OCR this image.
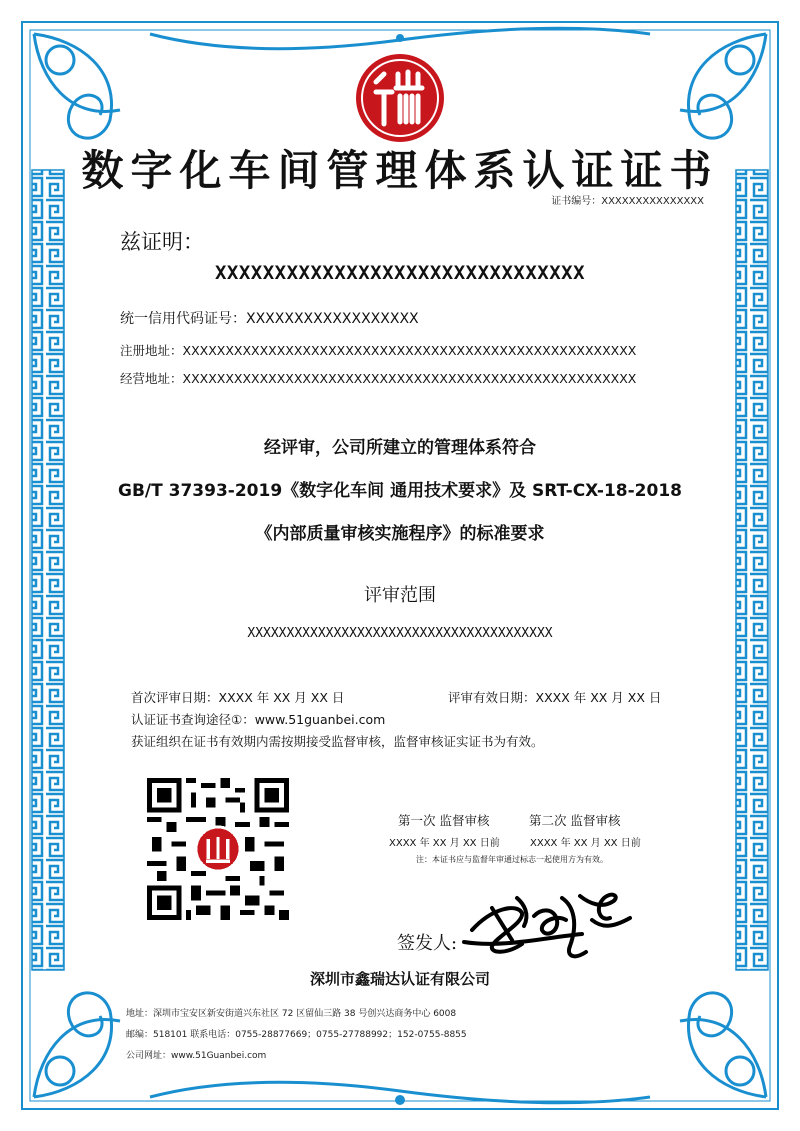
数字化车间管理体系认证证书
证书编号：XXXXXXXXXXXXXXX
兹证明：
XXXXXXXXXXXXXXXXXXXXXXXXXXXXXXX
统一信用代码证号：XXXXXXXXXXXXXXXXXX
注册地址：XXXXXXXXXXXXXXXXXXXXXXXXXXXXXXXXXXXXXXXXXXXXXXXXXXXXX
经营地址：XXXXXXXXXXXXXXXXXXXXXXXXXXXXXXXXXXXXXXXXXXXXXXXXXXXXX
经评审，公司所建立的管理体系符合
GB/T 37393-2019《数字化车间 通用技术要求》及 SRT-CX-18-2018
《内部质量审核实施程序》的标准要求
评审范围
XXXXXXXXXXXXXXXXXXXXXXXXXXXXXXXXXXXXXXX
首次评审日期：XXXX 年 XX 月 XX 日	评审有效日期：XXXX 年 XX 月 XX 日
认证证书查询途径①：www.51guanbei.com
获证组织在证书有效期内需按期接受监督审核，监督审核证实证书为有效。
第一次 监督审核	第二次 监督审核
XXXX 年 XX 月 XX 日前	XXXX 年 XX 月 XX 日前
注：本证书应与监督年审通过标志一起使用方为有效。
签发人:
深圳市鑫瑞达认证有限公司
地址：深圳市宝安区新安街道兴东社区 72 区留仙三路 38 号创兴达商务中心 6008
邮编：518101 联系电话：0755-28877669；0755-27788992；152-0755-8855
公司网址：www.51Guanbei.com
